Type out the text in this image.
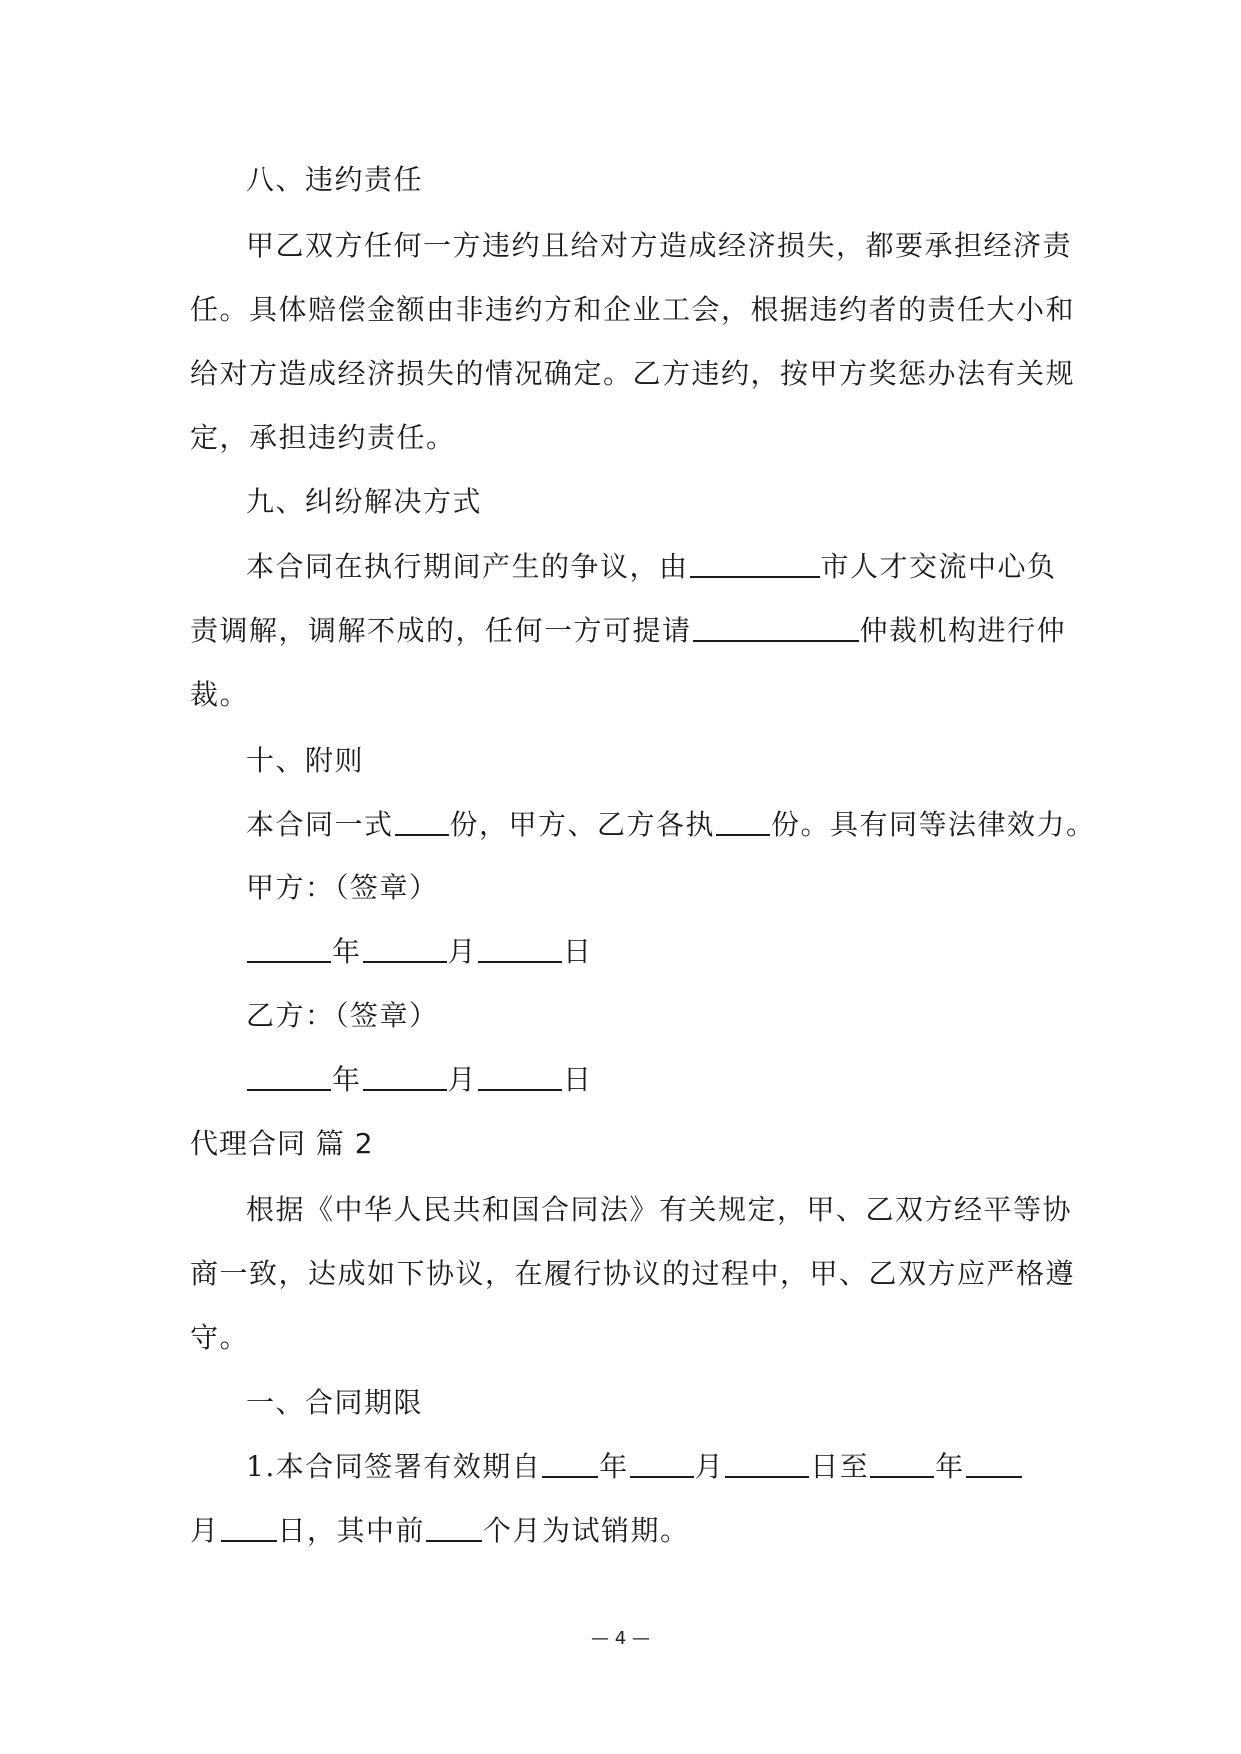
八、违约责任
甲乙双方任何一方违约且给对方造成经济损失，都要承担经济责
任。具体赔偿金额由非违约方和企业工会，根据违约者的责任大小和
给对方造成经济损失的情况确定。乙方违约，按甲方奖惩办法有关规
定，承担违约责任。
九、纠纷解决方式
本合同在执行期间产生的争议，由	市人才交流中心负
责调解，调解不成的，任何一方可提请	仲裁机构进行仲
裁。
十、附则
本合同一式 份，甲方、乙方各执 份。具有同等法律效力。
甲方：（签章）
年	月	日
乙方：（签章）
年	月	日
代理合同 篇 2
根据《中华人民共和国合同法》有关规定，甲、乙双方经平等协
商一致，达成如下协议，在履行协议的过程中，甲、乙双方应严格遵
守。
一、合同期限
1.本合同签署有效期自 年 月	日至 年
月 日，其中前 个月为试销期。
— 4 —
